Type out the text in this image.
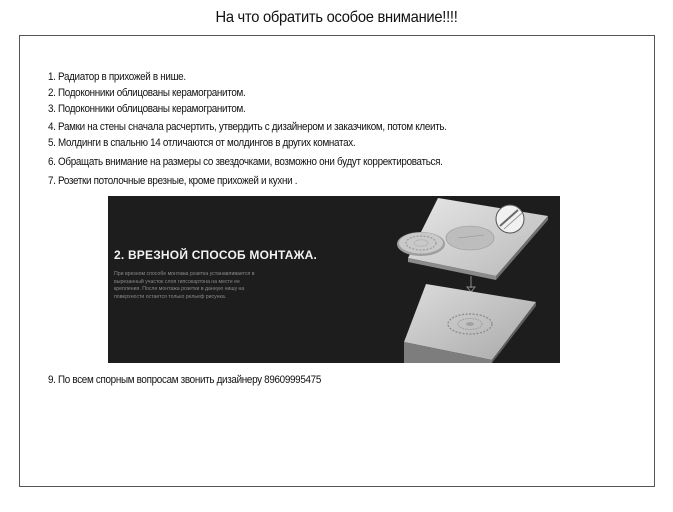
На что обратить особое внимание!!!!
1. Радиатор в прихожей в нише.
2. Подоконники облицованы керамогранитом.
3. Подоконники облицованы керамогранитом.
4. Рамки на стены сначала расчертить, утвердить с дизайнером и заказчиком, потом клеить.
5. Молдинги в спальню 14 отличаются от молдингов в других комнатах.
6. Обращать внимание на размеры со звездочками, возможно они будут корректироваться.
7. Розетки потолочные врезные, кроме прихожей и кухни .
2. ВРЕЗНОЙ СПОСОБ МОНТАЖА.
При врезном способе монтажа розетка устанавливается в вырезанный участок слоя гипсокартона на месте ее крепления. После монтажа розетки в данную нишу на поверхности остается только рельеф рисунка.
9. По всем спорным вопросам звонить дизайнеру 89609995475
